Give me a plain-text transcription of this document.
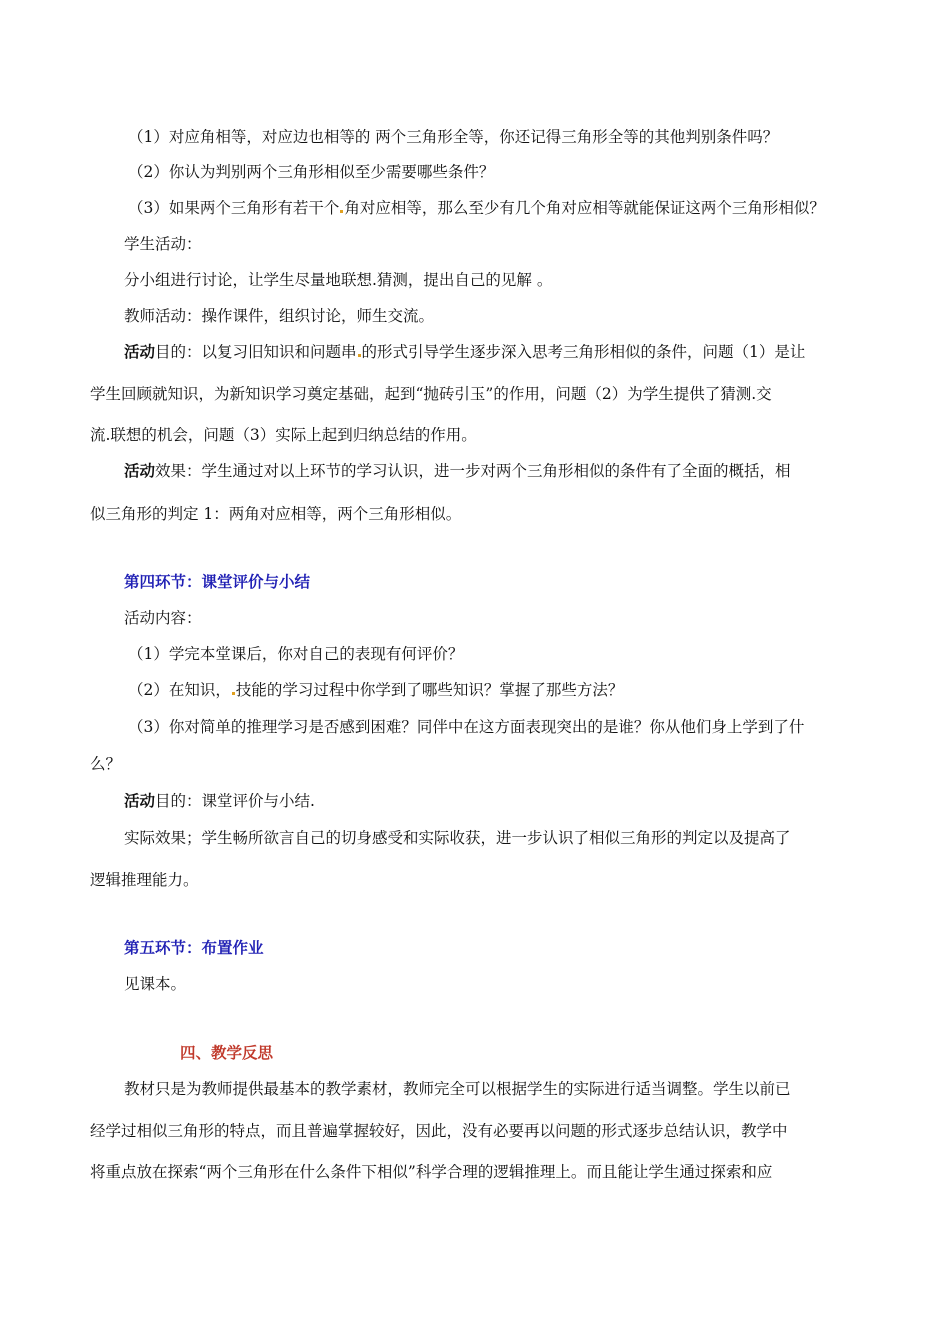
（1）对应角相等，对应边也相等的 两个三角形全等，你还记得三角形全等的其他判别条件吗？
（2）你认为判别两个三角形相似至少需要哪些条件？
（3）如果两个三角形有若干个 角对应相等，那么至少有几个角对应相等就能保证这两个三角形相似？
学生活动：
分小组进行讨论，让学生尽量地联想.猜测，提出自己的见解 。
教师活动：操作课件，组织讨论，师生交流。
活动目的：以复习旧知识和问题串 的形式引导学生逐步深入思考三角形相似的条件，问题（1）是让
学生回顾就知识，为新知识学习奠定基础，起到“抛砖引玉”的作用，问题（2）为学生提供了猜测.交
流.联想的机会，问题（3）实际上起到归纳总结的作用。
活动效果：学生通过对以上环节的学习认识，进一步对两个三角形相似的条件有了全面的概括，相
似三角形的判定 1：两角对应相等，两个三角形相似。
第四环节：课堂评价与小结
活动内容：
（1）学完本堂课后，你对自己的表现有何评价？
（2）在知识， 技能的学习过程中你学到了哪些知识？掌握了那些方法？
（3）你对简单的推理学习是否感到困难？同伴中在这方面表现突出的是谁？你从他们身上学到了什
么？
活动目的：课堂评价与小结.
实际效果；学生畅所欲言自己的切身感受和实际收获，进一步认识了相似三角形的判定以及提高了
逻辑推理能力。
第五环节：布置作业
见课本。
四、教学反思
教材只是为教师提供最基本的教学素材，教师完全可以根据学生的实际进行适当调整。学生以前已
经学过相似三角形的特点，而且普遍掌握较好，因此，没有必要再以问题的形式逐步总结认识，教学中
将重点放在探索“两个三角形在什么条件下相似”科学合理的逻辑推理上。而且能让学生通过探索和应
